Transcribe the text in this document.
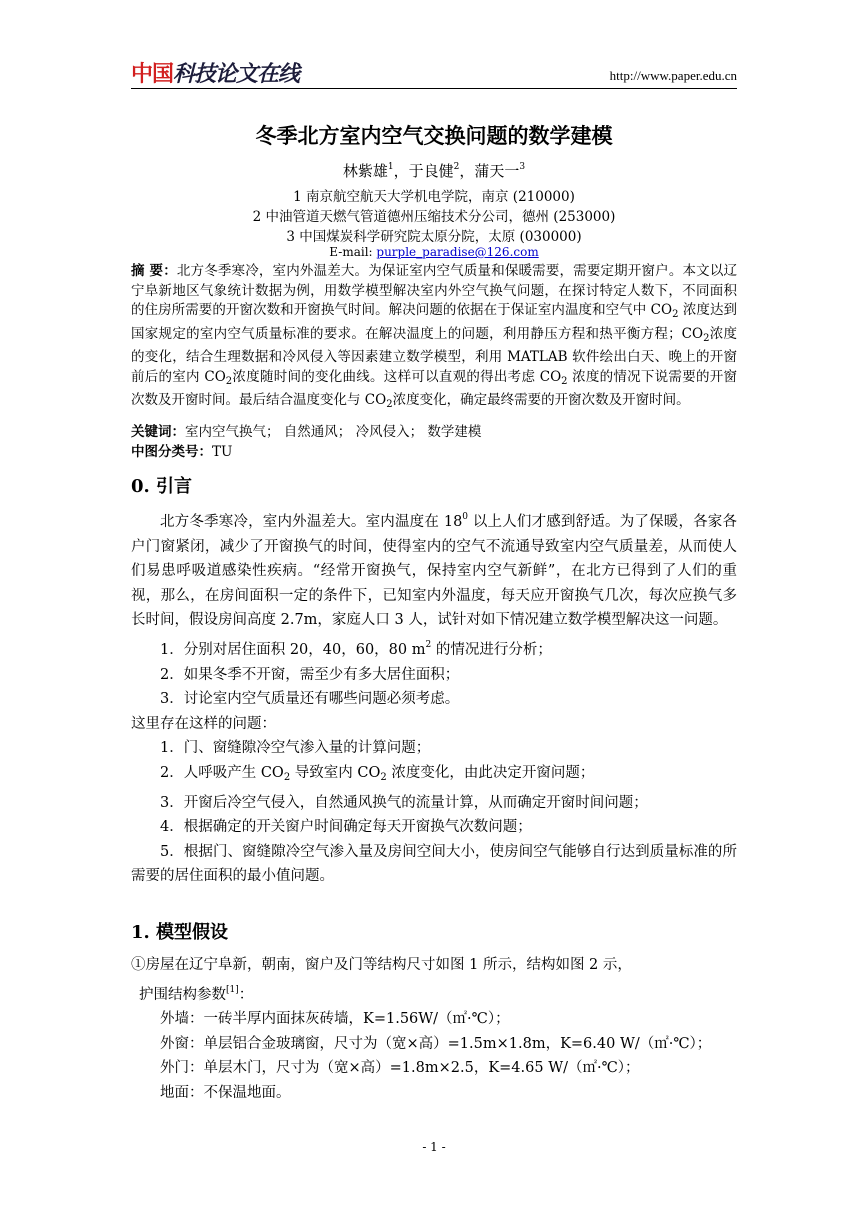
中国 科技论文在线	http://www.paper.edu.cn
冬季北方室内空气交换问题的数学建模
林紫雄$^1$，于良健$^2$，蒲天一$^3$
1 南京航空航天大学机电学院，南京 (210000)
2 中油管道天燃气管道德州压缩技术分公司，德州 (253000)
3 中国煤炭科学研究院太原分院，太原 (030000)
E-mail: purple_paradise@126.com
摘 要：北方冬季寒冷，室内外温差大。为保证室内空气质量和保暖需要，需要定期开窗户。本文以辽宁阜新地区气象统计数据为例，用数学模型解决室内外空气换气问题，在探讨特定人数下，不同面积的住房所需要的开窗次数和开窗换气时间。解决问题的依据在于保证室内温度和空气中 $CO_2$ 浓度达到国家规定的室内空气质量标准的要求。在解决温度上的问题，利用静压方程和热平衡方程；$CO_2$浓度的变化，结合生理数据和冷风侵入等因素建立数学模型，利用 MATLAB 软件绘出白天、晚上的开窗前后的室内 $CO_2$浓度随时间的变化曲线。这样可以直观的得出考虑 $CO_2$ 浓度的情况下说需要的开窗次数及开窗时间。最后结合温度变化与 $CO_2$浓度变化，确定最终需要的开窗次数及开窗时间。
关键词：室内空气换气； 自然通风； 冷风侵入； 数学建模
中图分类号：TU
0. 引言

北方冬季寒冷，室内外温差大。室内温度在 $18^0$ 以上人们才感到舒适。为了保暖，各家各户门窗紧闭，减少了开窗换气的时间，使得室内的空气不流通导致室内空气质量差，从而使人们易患呼吸道感染性疾病。“经常开窗换气，保持室内空气新鲜”，在北方已得到了人们的重视，那么，在房间面积一定的条件下，已知室内外温度，每天应开窗换气几次，每次应换气多长时间，假设房间高度 2.7m，家庭人口 3 人，试针对如下情况建立数学模型解决这一问题。

1．分别对居住面积 20，40，60，80 $m^2$ 的情况进行分析；

2．如果冬季不开窗，需至少有多大居住面积；

3．讨论室内空气质量还有哪些问题必须考虑。

这里存在这样的问题：

1．门、窗缝隙冷空气渗入量的计算问题；

2．人呼吸产生 $CO_2$ 导致室内 $CO_2$ 浓度变化，由此决定开窗问题；

3．开窗后冷空气侵入，自然通风换气的流量计算，从而确定开窗时间问题；

4．根据确定的开关窗户时间确定每天开窗换气次数问题；

5．根据门、窗缝隙冷空气渗入量及房间空间大小，使房间空气能够自行达到质量标准的所需要的居住面积的最小值问题。

1. 模型假设

①房屋在辽宁阜新，朝南，窗户及门等结构尺寸如图 1 所示，结构如图 2 示，

护围结构参数[1]：

外墙：一砖半厚内面抹灰砖墙，K=1.56W/（㎡·℃）；

外窗：单层铝合金玻璃窗，尺寸为（宽×高）=1.5m×1.8m，K=6.40 W/（㎡·℃）；

外门：单层木门，尺寸为（宽×高）=1.8m×2.5，K=4.65 W/（㎡·℃）；

地面：不保温地面。

- 1 -
